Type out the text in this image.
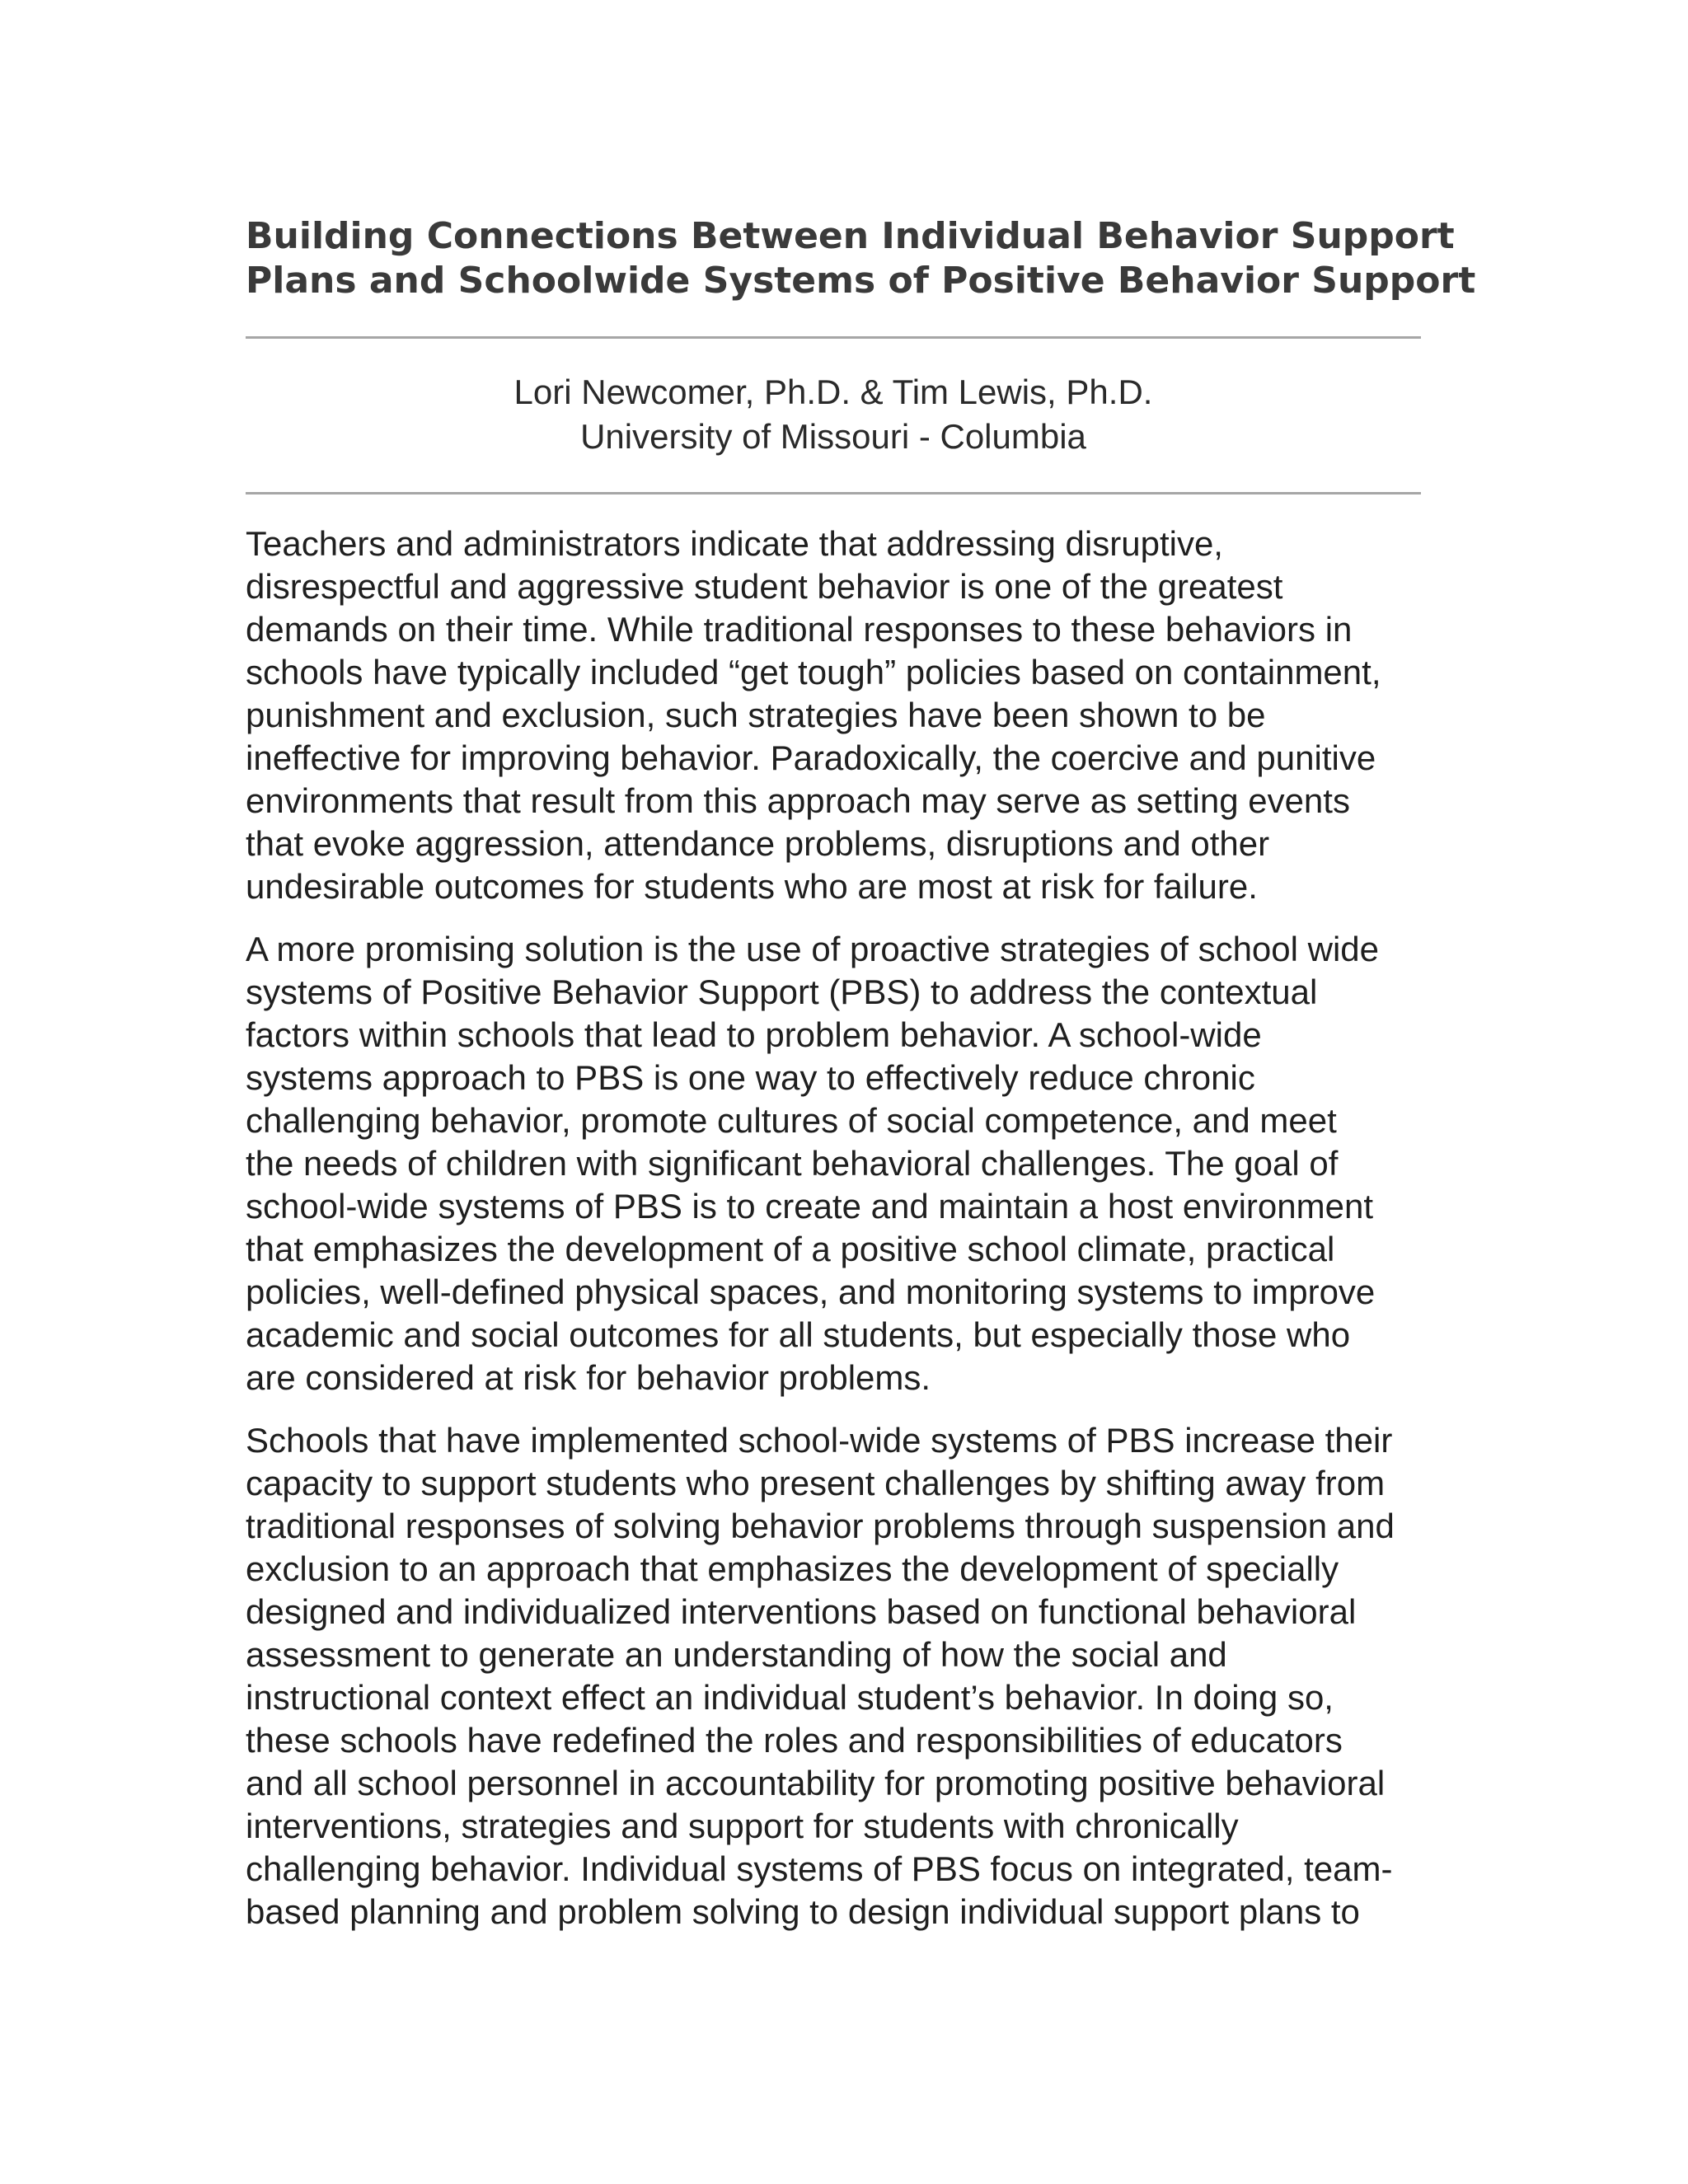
Building Connections Between Individual Behavior Support
Plans and Schoolwide Systems of Positive Behavior Support
Lori Newcomer, Ph.D. & Tim Lewis, Ph.D.
University of Missouri - Columbia

Teachers and administrators indicate that addressing disruptive,
disrespectful and aggressive student behavior is one of the greatest
demands on their time. While traditional responses to these behaviors in
schools have typically included “get tough” policies based on containment,
punishment and exclusion, such strategies have been shown to be
ineffective for improving behavior. Paradoxically, the coercive and punitive
environments that result from this approach may serve as setting events
that evoke aggression, attendance problems, disruptions and other
undesirable outcomes for students who are most at risk for failure.

A more promising solution is the use of proactive strategies of school wide
systems of Positive Behavior Support (PBS) to address the contextual
factors within schools that lead to problem behavior. A school-wide
systems approach to PBS is one way to effectively reduce chronic
challenging behavior, promote cultures of social competence, and meet
the needs of children with significant behavioral challenges. The goal of
school-wide systems of PBS is to create and maintain a host environment
that emphasizes the development of a positive school climate, practical
policies, well-defined physical spaces, and monitoring systems to improve
academic and social outcomes for all students, but especially those who
are considered at risk for behavior problems.

Schools that have implemented school-wide systems of PBS increase their
capacity to support students who present challenges by shifting away from
traditional responses of solving behavior problems through suspension and
exclusion to an approach that emphasizes the development of specially
designed and individualized interventions based on functional behavioral
assessment to generate an understanding of how the social and
instructional context effect an individual student’s behavior. In doing so,
these schools have redefined the roles and responsibilities of educators
and all school personnel in accountability for promoting positive behavioral
interventions, strategies and support for students with chronically
challenging behavior. Individual systems of PBS focus on integrated, team-
based planning and problem solving to design individual support plans to
